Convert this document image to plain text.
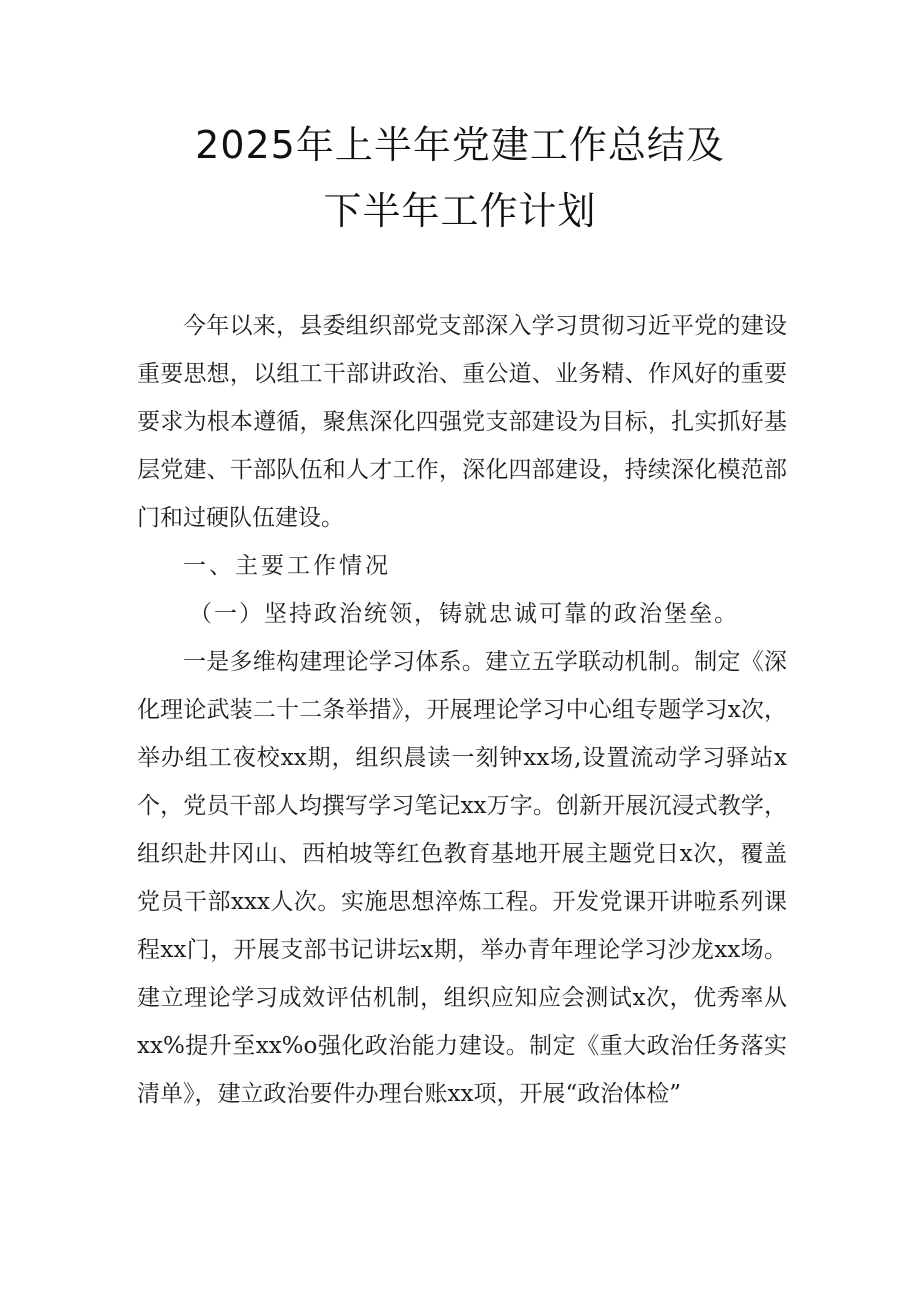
2025年上半年党建工作总结及
下半年工作计划

今年以来，县委组织部党支部深入学习贯彻习近平党的建设重要思想，以组工干部讲政治、重公道、业务精、作风好的重要要求为根本遵循，聚焦深化四强党支部建设为目标，扎实抓好基层党建、干部队伍和人才工作，深化四部建设，持续深化模范部门和过硬队伍建设。

一、主要工作情况

（一）坚持政治统领，铸就忠诚可靠的政治堡垒。

一是多维构建理论学习体系。建立五学联动机制。制定《深化理论武装二十二条举措》，开展理论学习中心组专题学习x次，举办组工夜校xx期，组织晨读一刻钟xx场,设置流动学习驿站x个，党员干部人均撰写学习笔记xx万字。创新开展沉浸式教学，组织赴井冈山、西柏坡等红色教育基地开展主题党日x次，覆盖党员干部xxx人次。实施思想淬炼工程。开发党课开讲啦系列课程xx门，开展支部书记讲坛x期，举办青年理论学习沙龙xx场。建立理论学习成效评估机制，组织应知应会测试x次，优秀率从xx%提升至xx%o强化政治能力建设。制定《重大政治任务落实清单》，建立政治要件办理台账xx项，开展“政治体检”
